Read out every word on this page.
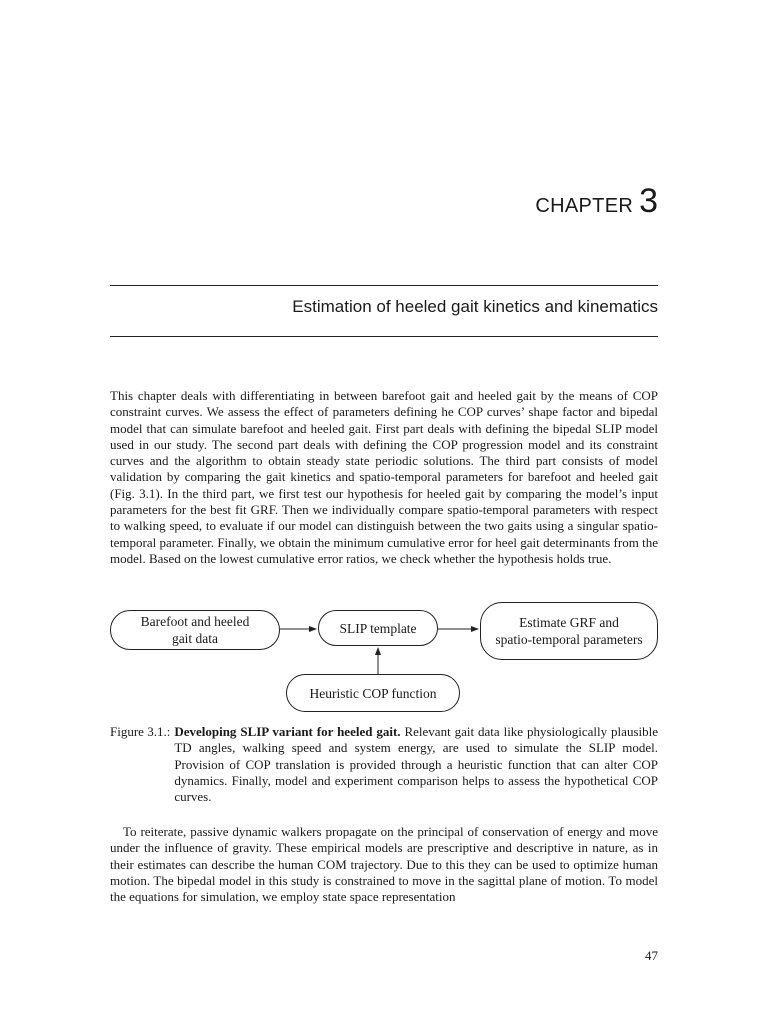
CHAPTER 3
Estimation of heeled gait kinetics and kinematics

This chapter deals with differentiating in between barefoot gait and heeled gait by the means of COP constraint curves. We assess the effect of parameters defining he COP curves’ shape factor and bipedal model that can simulate barefoot and heeled gait. First part deals with defining the bipedal SLIP model used in our study. The second part deals with defining the COP progression model and its constraint curves and the algorithm to obtain steady state periodic solutions. The third part consists of model validation by comparing the gait kinetics and spatio-temporal parameters for barefoot and heeled gait (Fig. 3.1). In the third part, we first test our hypothesis for heeled gait by comparing the model’s input parameters for the best fit GRF. Then we individually compare spatio-temporal parameters with respect to walking speed, to evaluate if our model can distinguish between the two gaits using a singular spatio-temporal parameter. Finally, we obtain the minimum cumulative error for heel gait determinants from the model. Based on the lowest cumulative error ratios, we check whether the hypothesis holds true.

Barefoot and heeled
gait data
SLIP template	Estimate GRF and
spatio-temporal parameters
Heuristic COP function
Figure 3.1.: Developing SLIP variant for heeled gait. Relevant gait data like physiologically plausible TD angles, walking speed and system energy, are used to simulate the SLIP model. Provision of COP translation is provided through a heuristic function that can alter COP dynamics. Finally, model and experiment comparison helps to assess the hypothetical COP curves.

To reiterate, passive dynamic walkers propagate on the principal of conservation of energy and move under the influence of gravity. These empirical models are prescriptive and descriptive in nature, as in their estimates can describe the human COM trajectory. Due to this they can be used to optimize human motion. The bipedal model in this study is constrained to move in the sagittal plane of motion. To model the equations for simulation, we employ state space representation

47
